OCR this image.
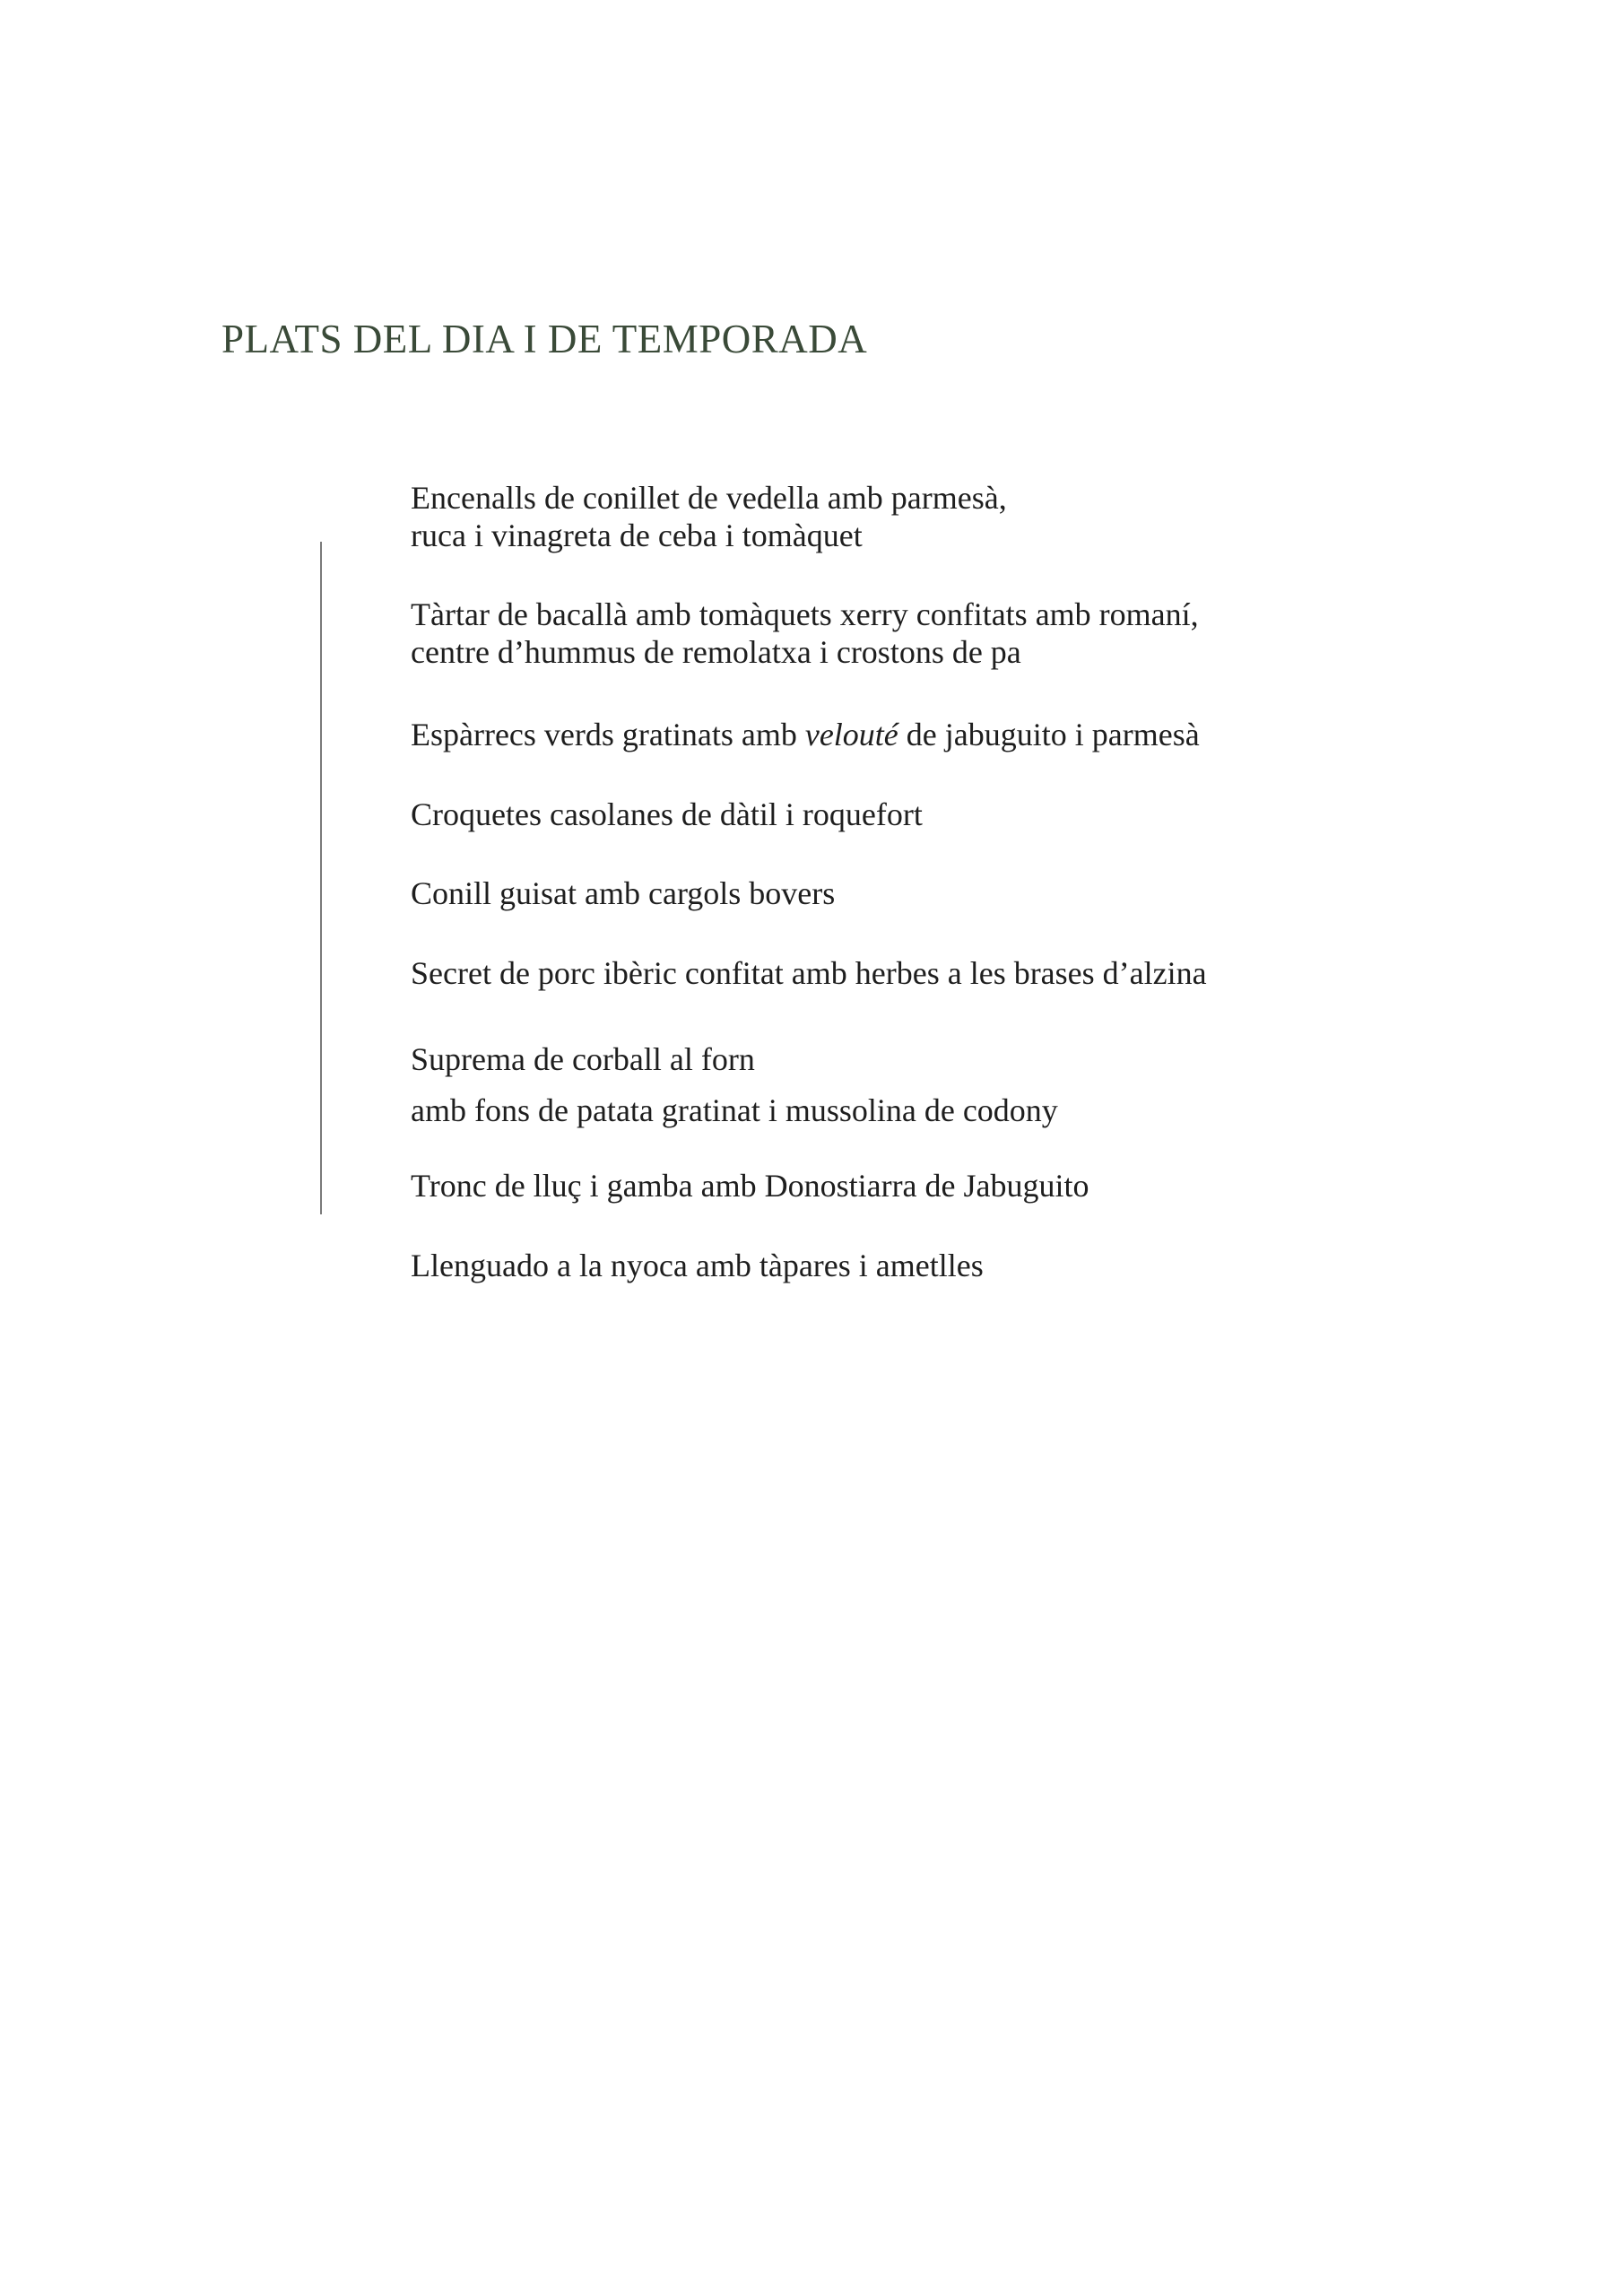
PLATS DEL DIA I DE TEMPORADA
Encenalls de conillet de vedella amb parmesà,
ruca i vinagreta de ceba i tomàquet
Tàrtar de bacallà amb tomàquets xerry confitats amb romaní,
centre d’hummus de remolatxa i crostons de pa
Espàrrecs verds gratinats amb velouté de jabuguito i parmesà
Croquetes casolanes de dàtil i roquefort
Conill guisat amb cargols bovers
Secret de porc ibèric confitat amb herbes a les brases d’alzina
Suprema de corball al forn
amb fons de patata gratinat i mussolina de codony
Tronc de lluç i gamba amb Donostiarra de Jabuguito
Llenguado a la nyoca amb tàpares i ametlles
